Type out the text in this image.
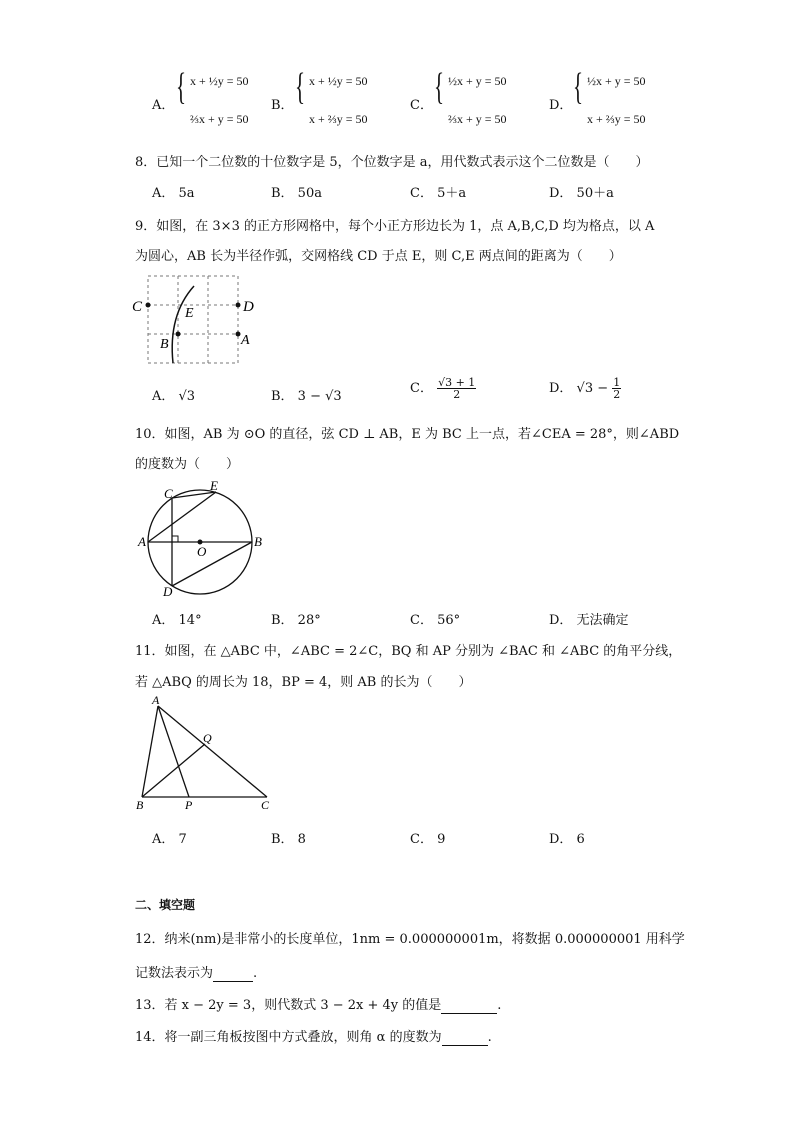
A． { x + ½y = 50
⅔x + y = 50
B． { x + ½y = 50
x + ⅔y = 50
C． { ½x + y = 50
⅔x + y = 50
D． { ½x + y = 50
x + ⅔y = 50
8．已知一个二位数的十位数字是 5，个位数字是 a，用代数式表示这个二位数是（　　）
A． 5a	B． 50a	C． 5＋a	D． 50＋a
9．如图，在 3×3 的正方形网格中，每个小正方形边长为 1，点 A,B,C,D 均为格点，以 A
为圆心，AB 长为半径作弧，交网格线 CD 于点 E，则 C,E 两点间的距离为（　　）
C	D
E
A
B
A． √3	B． 3 − √3
C． $\frac{√3 + 1}{2}$	D． $√3 - \frac{1}{2}$
10．如图，AB 为 ⊙O 的直径，弦 CD ⊥ AB，E 为 BC 上一点，若∠CEA = 28°，则∠ABD
的度数为（　　）
C
E
A
O
B
D
A． 14°	B． 28°	C． 56°	D． 无法确定
11．如图，在 △ABC 中，∠ABC = 2∠C，BQ 和 AP 分别为 ∠BAC 和 ∠ABC 的角平分线，
若 △ABQ 的周长为 18，BP = 4，则 AB 的长为（　　）
A
Q
B	P	C
A． 7	B． 8	C． 9	D． 6
二、填空题
12．纳米(nm)是非常小的长度单位，1nm = 0.000000001m，将数据 0.000000001 用科学
记数法表示为	.
13．若 x − 2y = 3，则代数式 3 − 2x + 4y 的值是	.
14．将一副三角板按图中方式叠放，则角 α 的度数为	.
